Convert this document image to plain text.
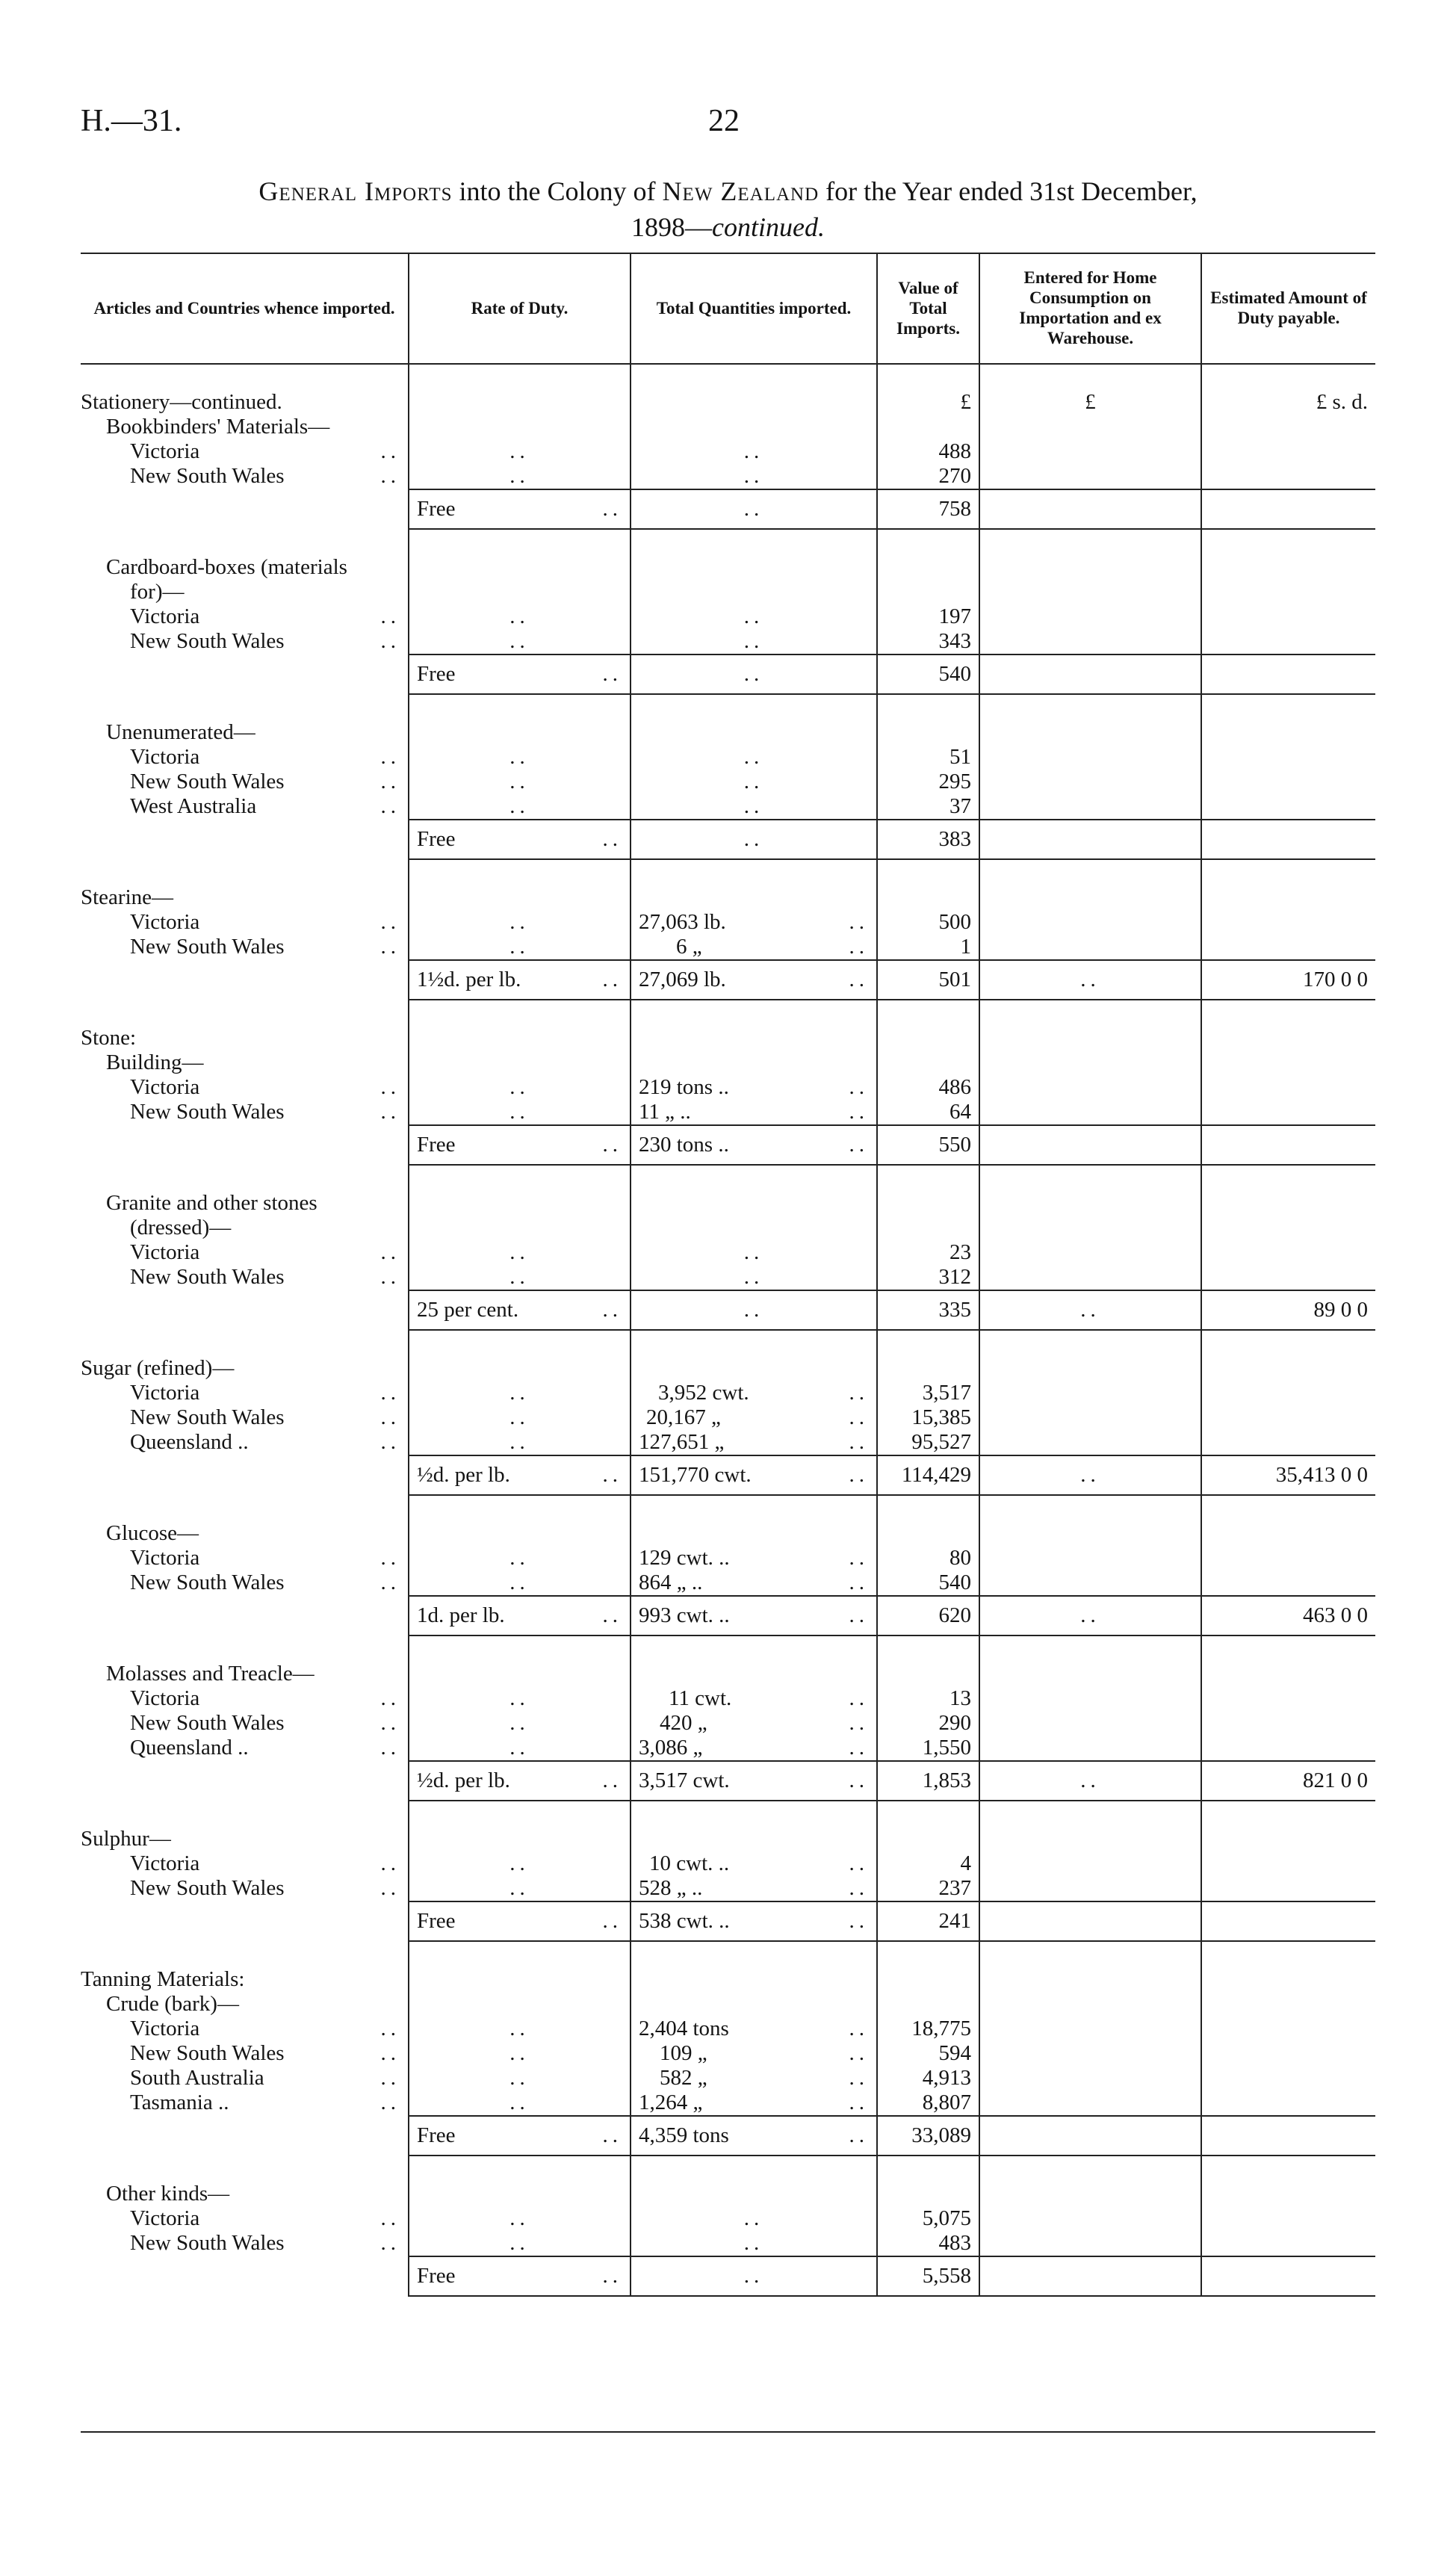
H.—31.	22
General Imports into the Colony of New Zealand for the Year ended 31st December,
1898—continued.
Articles and Countries whence imported.	Rate of Duty.	Total Quantities imported.	Value of Total Imports.	Entered for Home Consumption on Importation and ex Warehouse.	Estimated Amount of Duty payable.

Stationery—continued.			£	£	£ s. d.

Bookbinders' Materials—					

Victoria ..	..	..	488		

New South Wales ..	..	..	270		
	Free ..	..	758		

Cardboard-boxes (materials
for)—					

Victoria ..	..	..	197		

New South Wales ..	..	..	343		
	Free ..	..	540		

Unenumerated—					

Victoria ..	..	..	51		

New South Wales ..	..	..	295		

West Australia ..	..	..	37		
	Free ..	..	383		

Stearine—					

Victoria ..	..	27,063 lb. ..	500		

New South Wales ..	..	6 „ ..	1		
	1½d. per lb. ..	27,069 lb. ..	501	..	170 0 0

Stone:
Building—					

Victoria ..	..	219 tons .. ..	486		

New South Wales ..	..	11 „ .. ..	64		
	Free ..	230 tons .. ..	550		

Granite and other stones
(dressed)—					

Victoria ..	..	..	23		

New South Wales ..	..	..	312		
	25 per cent. ..	..	335	..	89 0 0

Sugar (refined)—					

Victoria ..	..	3,952 cwt. ..	3,517		

New South Wales ..	..	20,167 „ ..	15,385		

Queensland .. ..	..	127,651 „ ..	95,527		
	½d. per lb. ..	151,770 cwt. ..	114,429	..	35,413 0 0

Glucose—					

Victoria ..	..	129 cwt. .. ..	80		

New South Wales ..	..	864 „ .. ..	540		
	1d. per lb. ..	993 cwt. .. ..	620	..	463 0 0

Molasses and Treacle—					

Victoria ..	..	11 cwt. ..	13		

New South Wales ..	..	420 „ ..	290		

Queensland .. ..	..	3,086 „ ..	1,550		
	½d. per lb. ..	3,517 cwt. ..	1,853	..	821 0 0

Sulphur—					

Victoria ..	..	10 cwt. .. ..	4		

New South Wales ..	..	528 „ .. ..	237		
	Free ..	538 cwt. .. ..	241		

Tanning Materials:
Crude (bark)—					

Victoria ..	..	2,404 tons ..	18,775		

New South Wales ..	..	109 „ ..	594		

South Australia ..	..	582 „ ..	4,913		

Tasmania .. ..	..	1,264 „ ..	8,807		
	Free ..	4,359 tons ..	33,089		

Other kinds—					

Victoria ..	..	..	5,075		

New South Wales ..	..	..	483		
	Free ..	..	5,558		
